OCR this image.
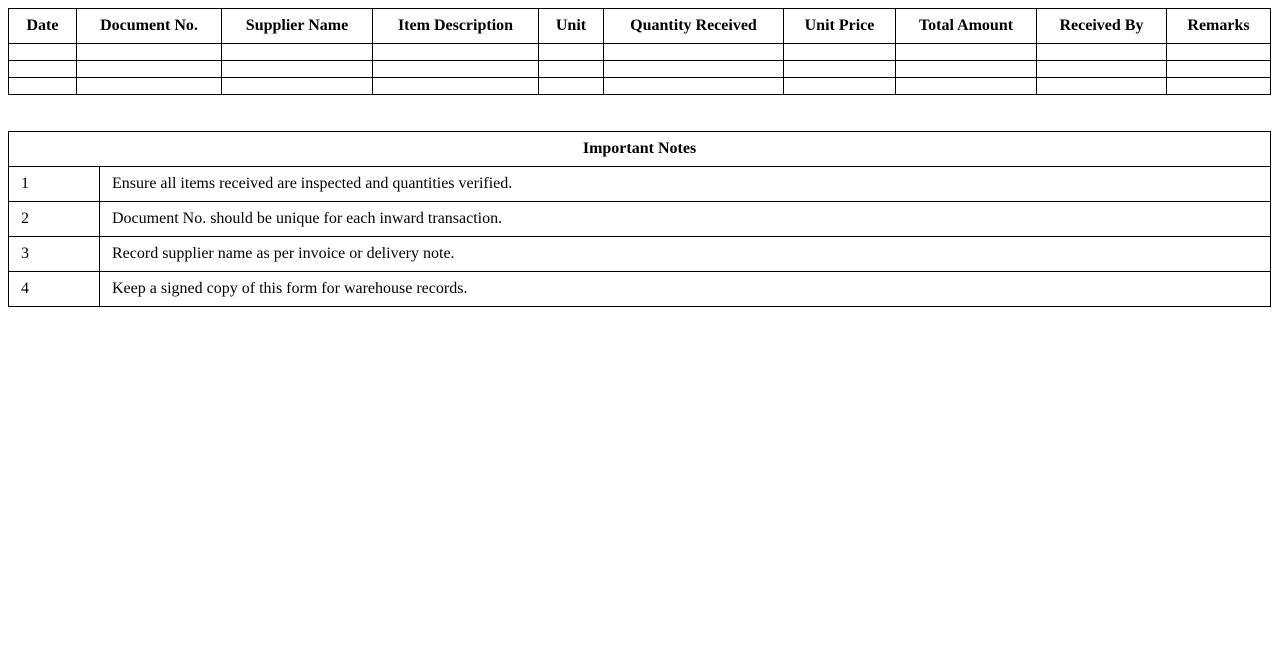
Date	Document No.	Supplier Name	Item Description	Unit	Quantity Received	Unit Price	Total Amount	Received By	Remarks

Important Notes	
1	Ensure all items received are inspected and quantities verified.
2	Document No. should be unique for each inward transaction.
3	Record supplier name as per invoice or delivery note.
4	Keep a signed copy of this form for warehouse records.
